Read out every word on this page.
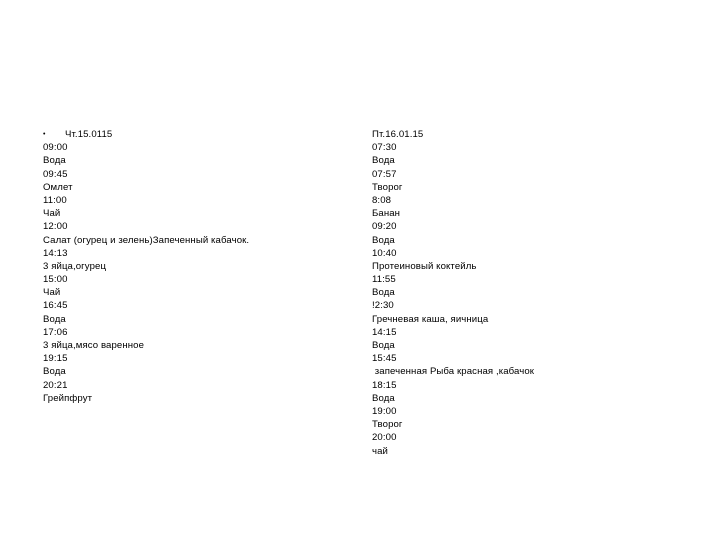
• Чт.15.0115
09:00
Вода
09:45
Омлет
11:00
Чай
12:00
Салат (огурец и зелень)Запеченный кабачок.
14:13
3 яйца,огурец
15:00
Чай
16:45
Вода
17:06
3 яйца,мясо варенное
19:15
Вода
20:21
Грейпфрут
Пт.16.01.15
07:30
Вода
07:57
Творог
8:08
Банан
09:20
Вода
10:40
Протеиновый коктейль
11:55
Вода
!2:30
Гречневая каша, яичница
14:15
Вода
15:45
запеченная Рыба красная ,кабачок
18:15
Вода
19:00
Творог
20:00
чай
